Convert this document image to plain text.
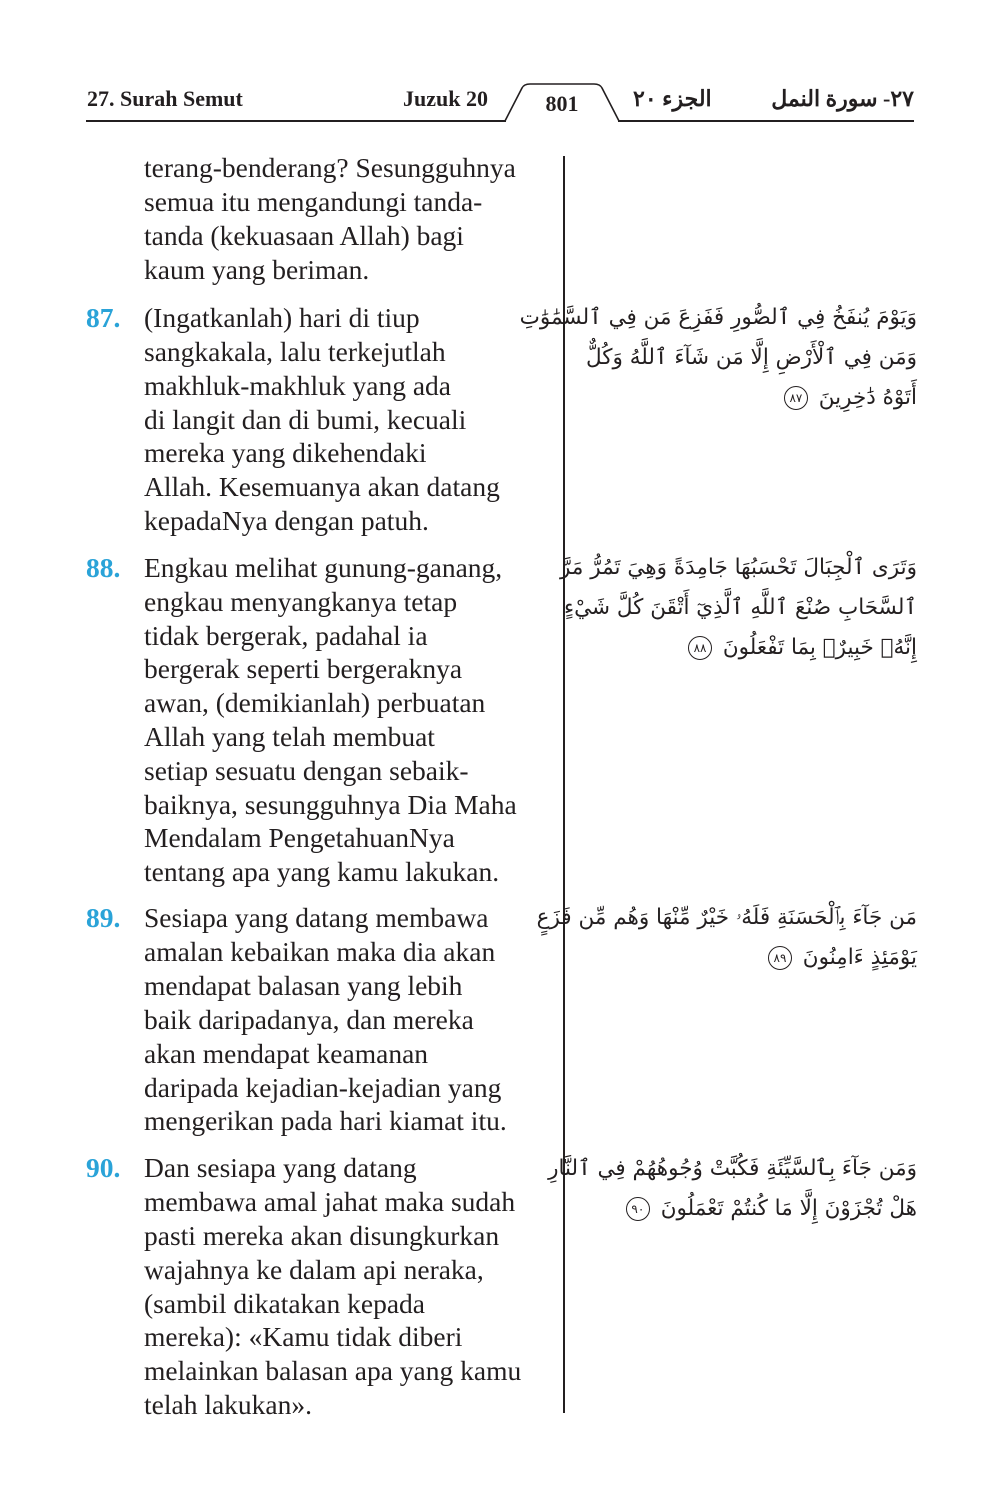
27. Surah Semut	Juzuk 20	801	الجزء ٢٠	٢٧- سورة النمل
terang-benderang? Sesungguhnya
semua itu mengandungi tanda-
tanda (kekuasaan Allah) bagi
kaum yang beriman.
87. (Ingatkanlah) hari di tiup
sangkakala, lalu terkejutlah
makhluk-makhluk yang ada
di langit dan di bumi, kecuali
mereka yang dikehendaki
Allah. Kesemuanya akan datang
kepadaNya dengan patuh.
88. Engkau melihat gunung-ganang,
engkau menyangkanya tetap
tidak bergerak, padahal ia
bergerak seperti bergeraknya
awan, (demikianlah) perbuatan
Allah yang telah membuat
setiap sesuatu dengan sebaik-
baiknya, sesungguhnya Dia Maha
Mendalam PengetahuanNya
tentang apa yang kamu lakukan.
89. Sesiapa yang datang membawa
amalan kebaikan maka dia akan
mendapat balasan yang lebih
baik daripadanya, dan mereka
akan mendapat keamanan
daripada kejadian-kejadian yang
mengerikan pada hari kiamat itu.
90. Dan sesiapa yang datang
membawa amal jahat maka sudah
pasti mereka akan disungkurkan
wajahnya ke dalam api neraka,
(sambil dikatakan kepada
mereka): «Kamu tidak diberi
melainkan balasan apa yang kamu
telah lakukan».
وَيَوْمَ يُنفَخُ فِي ٱلصُّورِ فَفَزِعَ مَن فِي ٱلسَّمَٰوَٰتِ
وَمَن فِي ٱلْأَرْضِ إِلَّا مَن شَآءَ ٱللَّهُ وَكُلٌّ
أَتَوْهُ دَٰخِرِينَ ٨٧
وَتَرَى ٱلْجِبَالَ تَحْسَبُهَا جَامِدَةً وَهِيَ تَمُرُّ مَرَّ
ٱلسَّحَابِ صُنْعَ ٱللَّهِ ٱلَّذِيٓ أَتْقَنَ كُلَّ شَيْءٍ
إِنَّهُۥ خَبِيرٌۢ بِمَا تَفْعَلُونَ ٨٨
مَن جَآءَ بِٱلْحَسَنَةِ فَلَهُۥ خَيْرٌ مِّنْهَا وَهُم مِّن فَزَعٍ
يَوْمَئِذٍ ءَامِنُونَ ٨٩
وَمَن جَآءَ بِٱلسَّيِّئَةِ فَكُبَّتْ وُجُوهُهُمْ فِي ٱلنَّارِ
هَلْ تُجْزَوْنَ إِلَّا مَا كُنتُمْ تَعْمَلُونَ ٩٠
